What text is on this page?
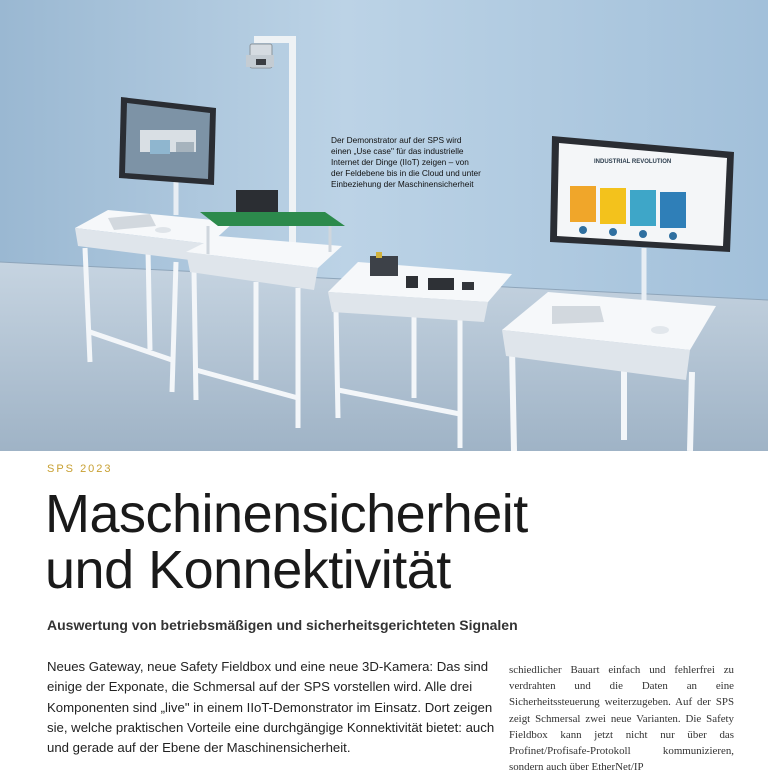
INDUSTRIAL REVOLUTION
Der Demonstrator auf der SPS wird einen „Use case" für das industrielle Internet der Dinge (IIoT) zeigen – von der Feldebene bis in die Cloud und unter Einbeziehung der Maschinensicherheit
SPS 2023
Maschinensicherheit
und Konnektivität
Auswertung von betriebsmäßigen und sicherheitsgerichteten Signalen

Neues Gateway, neue Safety Fieldbox und eine neue 3D-Kamera: Das sind einige der Exponate, die Schmersal auf der SPS vorstellen wird. Alle drei Komponenten sind „live" in einem IIoT-Demonstrator im Einsatz. Dort zeigen sie, welche praktischen Vorteile eine durchgängige Konnektivität bietet: auch und gerade auf der Ebene der Maschinensicherheit.

schiedlicher Bauart einfach und fehlerfrei zu verdrahten und die Daten an eine Sicherheitssteuerung weiterzugeben. Auf der SPS zeigt Schmersal zwei neue Varianten. Die Safety Fieldbox kann jetzt nicht nur über das Profinet/Profisafe-Protokoll kommunizieren, sondern auch über EtherNet/IP
